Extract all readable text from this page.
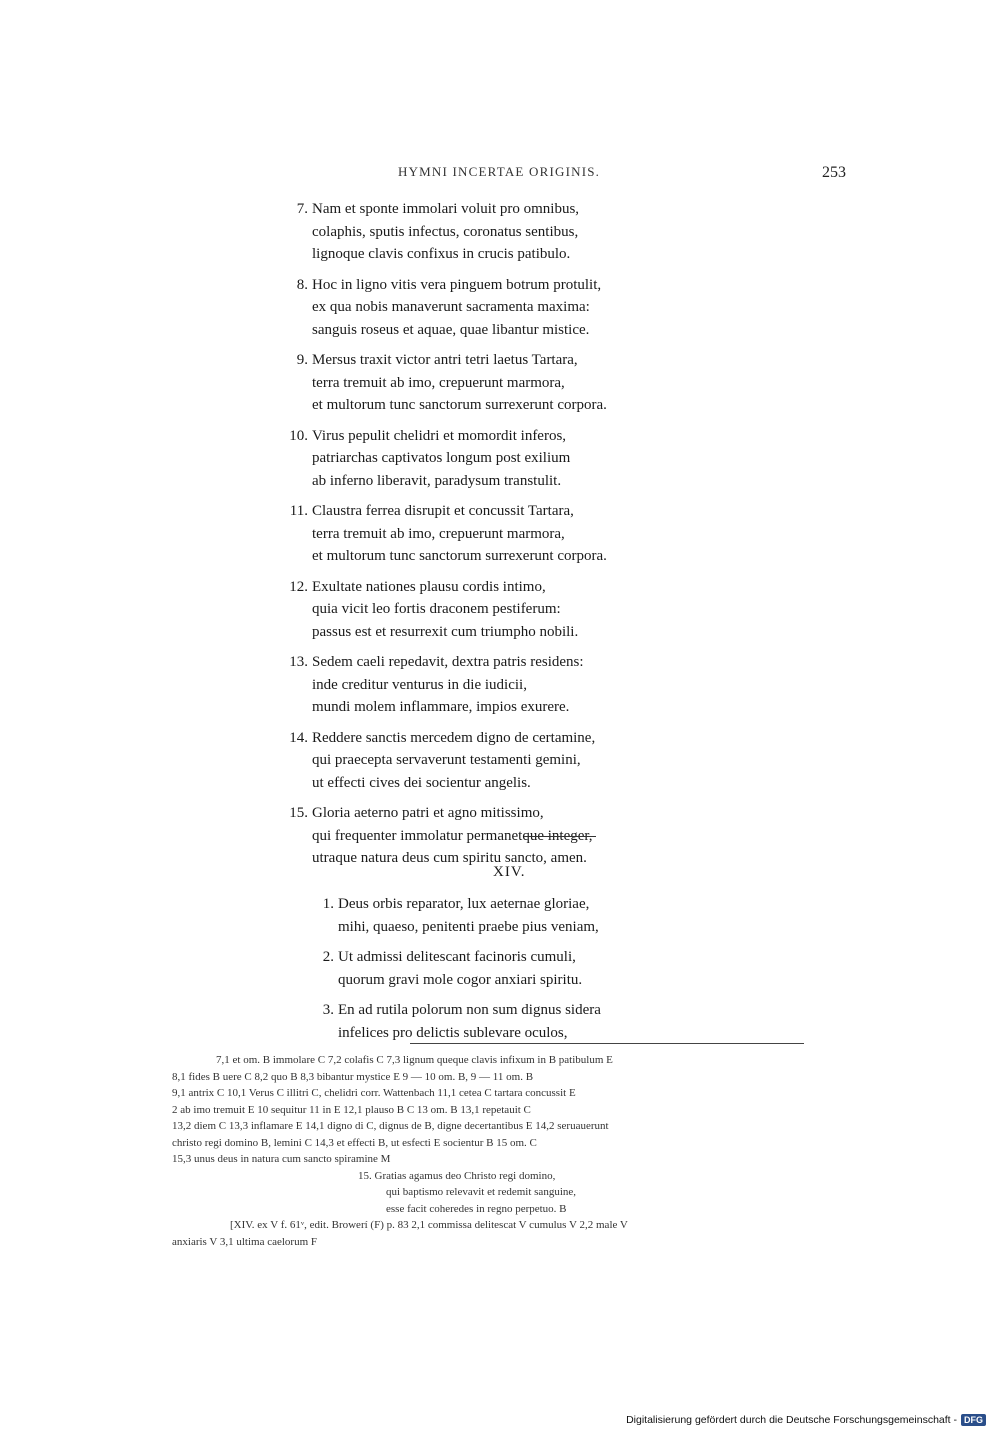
HYMNI INCERTAE ORIGINIS.	253
7. Nam et sponte immolari voluit pro omnibus,
colaphis, sputis infectus, coronatus sentibus,
lignoque clavis confixus in crucis patibulo.
8. Hoc in ligno vitis vera pinguem botrum protulit,
ex qua nobis manaverunt sacramenta maxima:
sanguis roseus et aquae, quae libantur mistice.
9. Mersus traxit victor antri tetri laetus Tartara,
terra tremuit ab imo, crepuerunt marmora,
et multorum tunc sanctorum surrexerunt corpora.
10. Virus pepulit chelidri et momordit inferos,
patriarchas captivatos longum post exilium
ab inferno liberavit, paradysum transtulit.
11. Claustra ferrea disrupit et concussit Tartara,
terra tremuit ab imo, crepuerunt marmora,
et multorum tunc sanctorum surrexerunt corpora.
12. Exultate nationes plausu cordis intimo,
quia vicit leo fortis draconem pestiferum:
passus est et resurrexit cum triumpho nobili.
13. Sedem caeli repedavit, dextra patris residens:
inde creditur venturus in die iudicii,
mundi molem inflammare, impios exurere.
14. Reddere sanctis mercedem digno de certamine,
qui praecepta servaverunt testamenti gemini,
ut effecti cives dei socientur angelis.
15. Gloria aeterno patri et agno mitissimo,
qui frequenter immolatur permanetque integer,
utraque natura deus cum spiritu sancto, amen.
XIV.
1. Deus orbis reparator, lux aeternae gloriae,
mihi, quaeso, penitenti praebe pius veniam,
2. Ut admissi delitescant facinoris cumuli,
quorum gravi mole cogor anxiari spiritu.
3. En ad rutila polorum non sum dignus sidera
infelices pro delictis sublevare oculos,
7,1 et om. B immolare C 7,2 colafis C 7,3 lignum queque clavis infixum in B patibulum E
8,1 fides B uere C 8,2 quo B 8,3 bibantur mystice E 9 — 10 om. B, 9 — 11 om. B
9,1 antrix C 10,1 Verus C illitri C, chelidri corr. Wattenbach 11,1 cetea C tartara concussit E
2 ab imo tremuit E 10 sequitur 11 in E 12,1 plauso B C 13 om. B 13,1 repetauit C
13,2 diem C 13,3 inflamare E 14,1 digno di C, dignus de B, digne decertantibus E 14,2 seruauerunt
christo regi domino B, lemini C 14,3 et effecti B, ut esfecti E socientur B 15 om. C
15,3 unus deus in natura cum sancto spiramine M
15. Gratias agamus deo Christo regi domino,
qui baptismo relevavit et redemit sanguine,
esse facit coheredes in regno perpetuo. B
[XIV. ex V f. 61ᵛ, edit. Browerí (F) p. 83 2,1 commissa delitescat V cumulus V 2,2 male V
anxiaris V 3,1 ultima caelorum F
Digitalisierung gefördert durch die Deutsche Forschungsgemeinschaft - DFG
